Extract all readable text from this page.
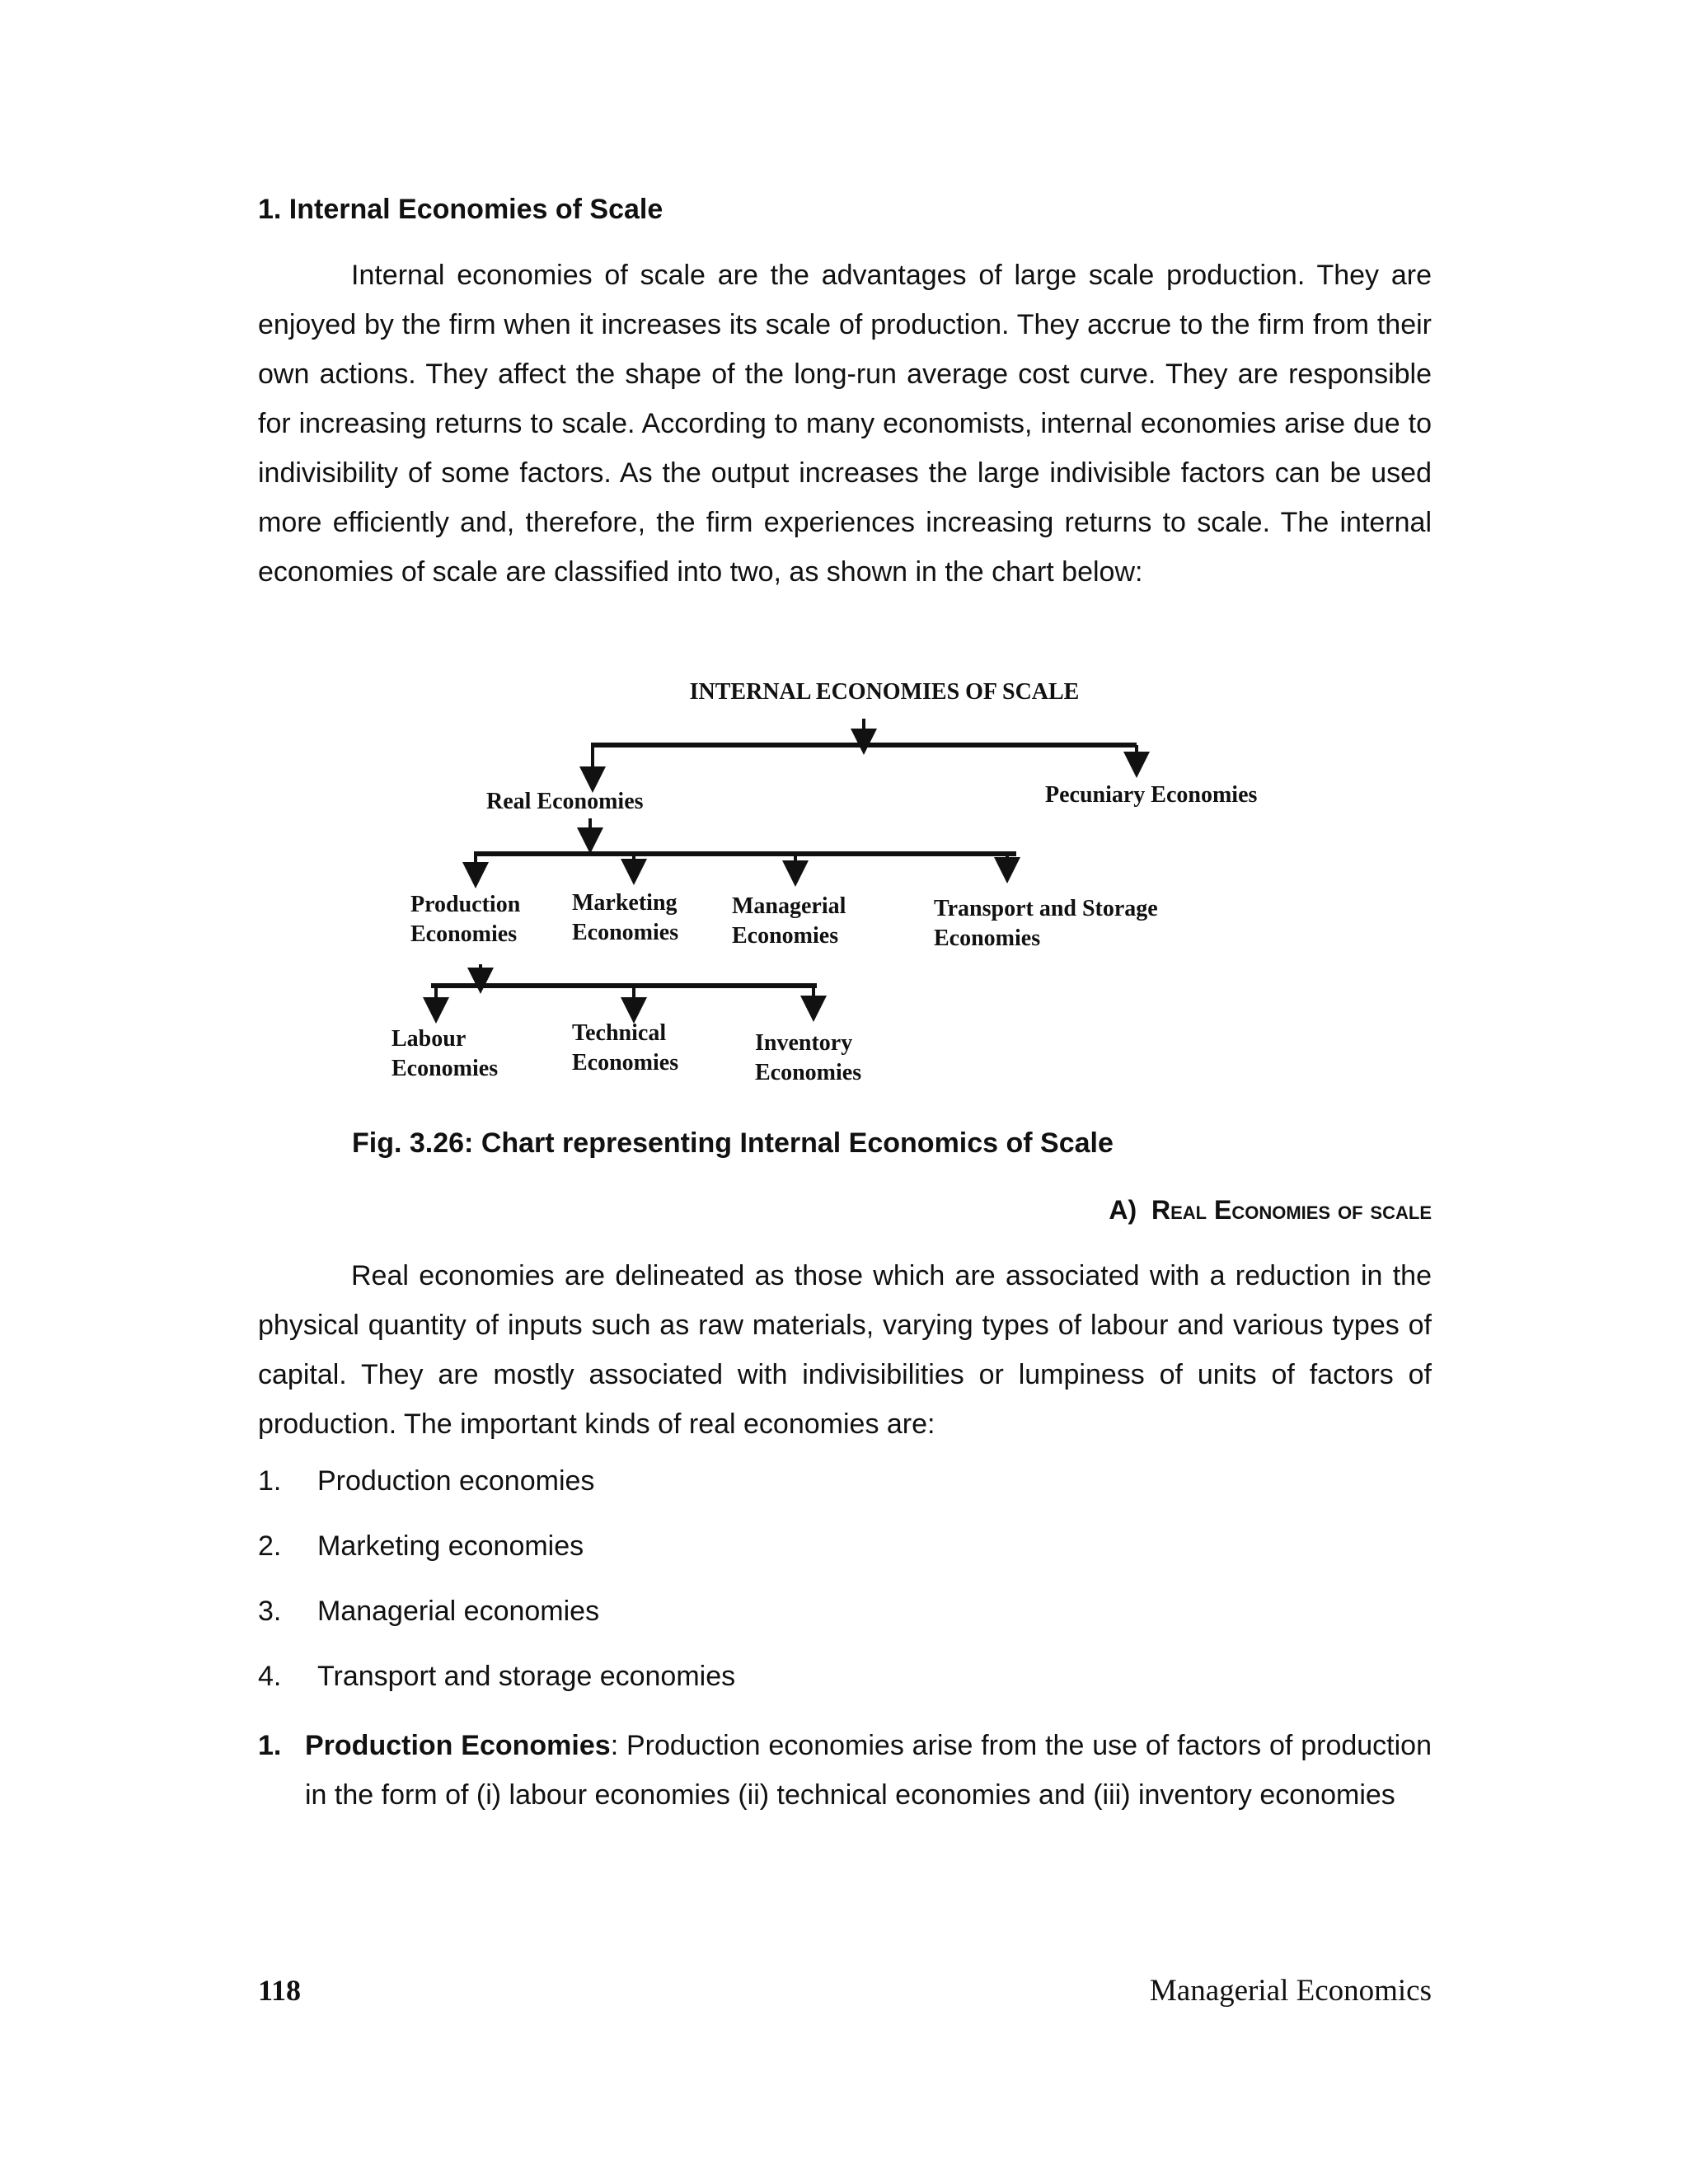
1. Internal Economies of Scale

Internal economies of scale are the advantages of large scale production. They are enjoyed by the firm when it increases its scale of production. They accrue to the firm from their own actions. They affect the shape of the long-run average cost curve. They are responsible for increasing returns to scale. According to many economists, internal economies arise due to indivisibility of some factors. As the output increases the large indivisible factors can be used more efficiently and, therefore, the firm experiences increasing returns to scale. The internal economies of scale are classified into two, as shown in the chart below:

INTERNAL ECONOMIES OF SCALE
Real Economies	Pecuniary Economies
Production Economies
Marketing Economies
Managerial Economies
Transport and Storage Economies
Labour Economies
Technical Economies
Inventory Economies
Fig. 3.26: Chart representing Internal Economics of Scale
A) Real Economies of scale

Real economies are delineated as those which are associated with a reduction in the physical quantity of inputs such as raw materials, varying types of labour and various types of capital. They are mostly associated with indivisibilities or lumpiness of units of factors of production. The important kinds of real economies are:

1. Production economies
2. Marketing economies
3. Managerial economies
4. Transport and storage economies
1. Production Economies: Production economies arise from the use of factors of production in the form of (i) labour economies (ii) technical economies and (iii) inventory economies
118	Managerial Economics
